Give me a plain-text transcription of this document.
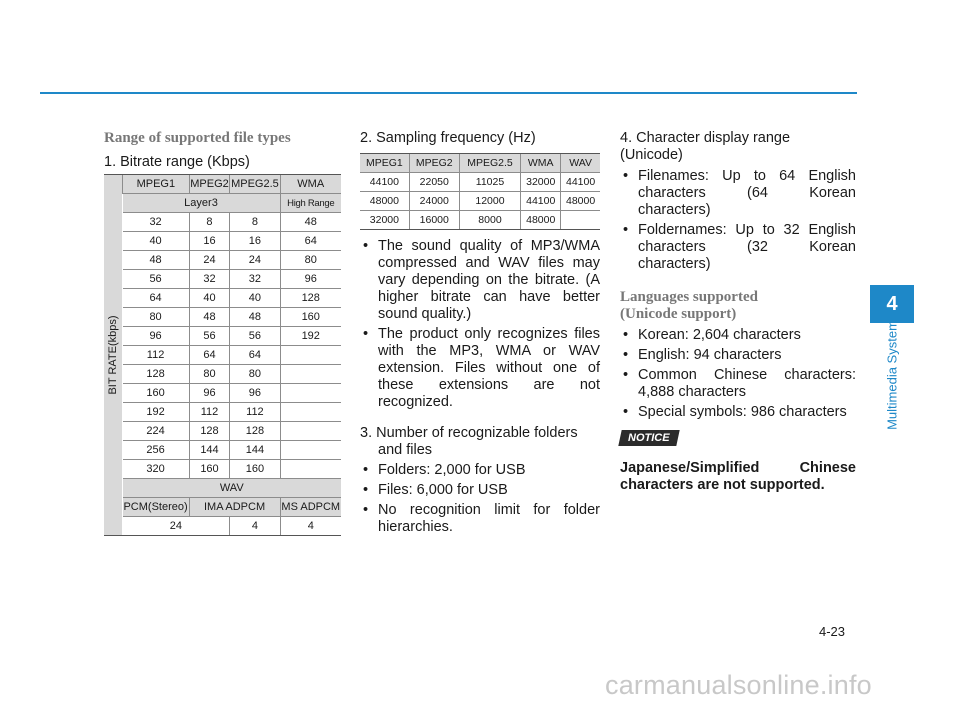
Range of supported file types

1. Bitrate range (Kbps)

BIT RATE(kbps)	MPEG1	MPEG2	MPEG2.5	WMA
	Layer3			High Range
	32	8	8	48
	40	16	16	64
	48	24	24	80
	56	32	32	96
	64	40	40	128
	80	48	48	160
	96	56	56	192
	112	64	64	
	128	80	80	
	160	96	96	
	192	112	112	
	224	128	128	
	256	144	144	
	320	160	160	
	WAV			
	PCM(Stereo)	IMA ADPCM		MS ADPCM
	24		4	4

2. Sampling frequency (Hz)

MPEG1	MPEG2	MPEG2.5	WMA	WAV
44100	22050	11025	32000	44100
48000	24000	12000	44100	48000
32000	16000	8000	48000	
• The sound quality of MP3/WMA compressed and WAV files may vary depending on the bitrate. (A higher bitrate can have better sound quality.)
• The product only recognizes files with the MP3, WMA or WAV extension. Files without one of these extensions are not recognized.

3. Number of recognizable folders

and files

• Folders: 2,000 for USB
• Files: 6,000 for USB
• No recognition limit for folder hierarchies.

4. Character display range (Unicode)

• Filenames: Up to 64 English characters (64 Korean characters)
• Foldernames: Up to 32 English characters (32 Korean characters)

Languages supported

(Unicode support)

• Korean: 2,604 characters
• English: 94 characters
• Common Chinese characters: 4,888 characters
• Special symbols: 986 characters
NOTICE

Japanese/Simplified Chinese characters are not supported.

4
Multimedia System
4-23
carmanualsonline.info
